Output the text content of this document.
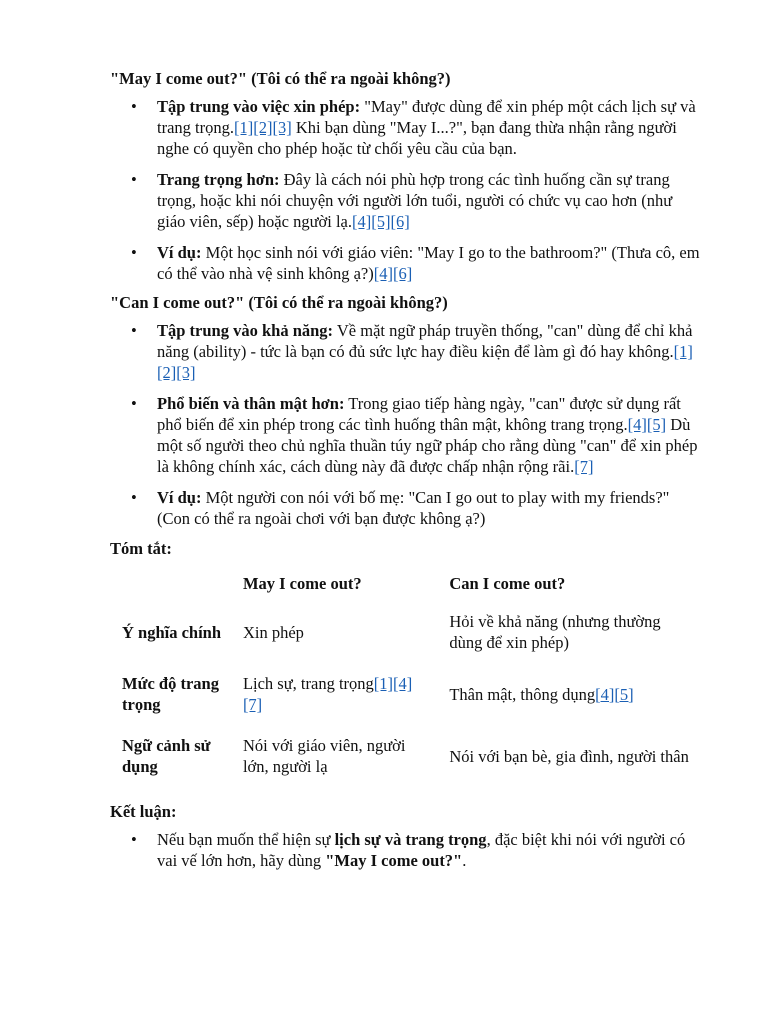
"May I come out?" (Tôi có thể ra ngoài không?)

• Tập trung vào việc xin phép: "May" được dùng để xin phép một cách lịch sự và trang trọng.[1][2][3] Khi bạn dùng "May I...?", bạn đang thừa nhận rằng người nghe có quyền cho phép hoặc từ chối yêu cầu của bạn.
• Trang trọng hơn: Đây là cách nói phù hợp trong các tình huống cần sự trang trọng, hoặc khi nói chuyện với người lớn tuổi, người có chức vụ cao hơn (như giáo viên, sếp) hoặc người lạ.[4][5][6]
• Ví dụ: Một học sinh nói với giáo viên: "May I go to the bathroom?" (Thưa cô, em có thể vào nhà vệ sinh không ạ?)[4][6]

"Can I come out?" (Tôi có thể ra ngoài không?)

• Tập trung vào khả năng: Về mặt ngữ pháp truyền thống, "can" dùng để chỉ khả năng (ability) - tức là bạn có đủ sức lực hay điều kiện để làm gì đó hay không.[1][2][3]
• Phổ biến và thân mật hơn: Trong giao tiếp hàng ngày, "can" được sử dụng rất phổ biến để xin phép trong các tình huống thân mật, không trang trọng.[4][5] Dù một số người theo chủ nghĩa thuần túy ngữ pháp cho rằng dùng "can" để xin phép là không chính xác, cách dùng này đã được chấp nhận rộng rãi.[7]
• Ví dụ: Một người con nói với bố mẹ: "Can I go out to play with my friends?" (Con có thể ra ngoài chơi với bạn được không ạ?)

Tóm tắt:

	May I come out?	Can I come out?
Ý nghĩa chính	Xin phép	Hỏi về khả năng (nhưng thường dùng để xin phép)
Mức độ trang trọng	Lịch sự, trang trọng[1][4][7]	Thân mật, thông dụng[4][5]
Ngữ cảnh sử dụng	Nói với giáo viên, người lớn, người lạ	Nói với bạn bè, gia đình, người thân

Kết luận:

• Nếu bạn muốn thể hiện sự lịch sự và trang trọng, đặc biệt khi nói với người có vai vế lớn hơn, hãy dùng "May I come out?".
